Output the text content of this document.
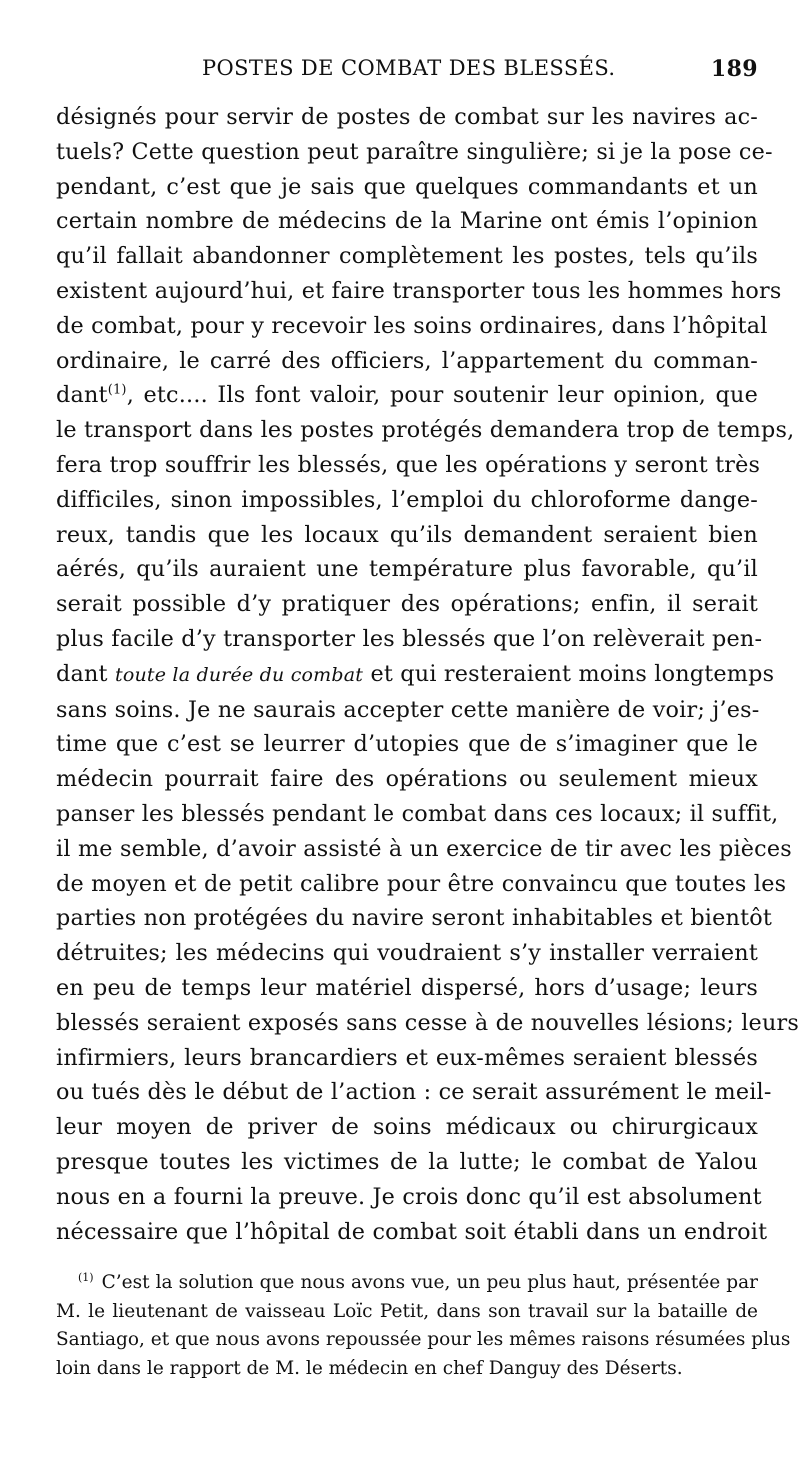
POSTES DE COMBAT DES BLESSÉS.	189
désignés pour servir de postes de combat sur les navires ac-
tuels? Cette question peut paraître singulière; si je la pose ce-
pendant, c’est que je sais que quelques commandants et un
certain nombre de médecins de la Marine ont émis l’opinion
qu’il fallait abandonner complètement les postes, tels qu’ils
existent aujourd’hui, et faire transporter tous les hommes hors
de combat, pour y recevoir les soins ordinaires, dans l’hôpital
ordinaire, le carré des officiers, l’appartement du comman-
dant$^{(1)}$, etc.... Ils font valoir, pour soutenir leur opinion, que
le transport dans les postes protégés demandera trop de temps,
fera trop souffrir les blessés, que les opérations y seront très
difficiles, sinon impossibles, l’emploi du chloroforme dange-
reux, tandis que les locaux qu’ils demandent seraient bien
aérés, qu’ils auraient une température plus favorable, qu’il
serait possible d’y pratiquer des opérations; enfin, il serait
plus facile d’y transporter les blessés que l’on relèverait pen-
dant toute la durée du combat et qui resteraient moins longtemps
sans soins. Je ne saurais accepter cette manière de voir; j’es-
time que c’est se leurrer d’utopies que de s’imaginer que le
médecin pourrait faire des opérations ou seulement mieux
panser les blessés pendant le combat dans ces locaux; il suffit,
il me semble, d’avoir assisté à un exercice de tir avec les pièces
de moyen et de petit calibre pour être convaincu que toutes les
parties non protégées du navire seront inhabitables et bientôt
détruites; les médecins qui voudraient s’y installer verraient
en peu de temps leur matériel dispersé, hors d’usage; leurs
blessés seraient exposés sans cesse à de nouvelles lésions; leurs
infirmiers, leurs brancardiers et eux-mêmes seraient blessés
ou tués dès le début de l’action : ce serait assurément le meil-
leur moyen de priver de soins médicaux ou chirurgicaux
presque toutes les victimes de la lutte; le combat de Yalou
nous en a fourni la preuve. Je crois donc qu’il est absolument
nécessaire que l’hôpital de combat soit établi dans un endroit
$^{(1)}$ C’est la solution que nous avons vue, un peu plus haut, présentée par
M. le lieutenant de vaisseau Loïc Petit, dans son travail sur la bataille de
Santiago, et que nous avons repoussée pour les mêmes raisons résumées plus
loin dans le rapport de M. le médecin en chef Danguy des Déserts.
